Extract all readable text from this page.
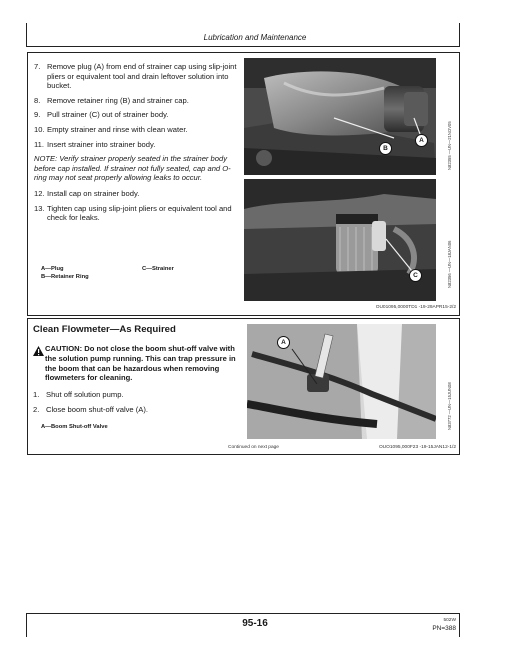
Lubrication and Maintenance
7. Remove plug (A) from end of strainer cap using slip-joint pliers or equivalent tool and drain leftover solution into bucket.
8. Remove retainer ring (B) and strainer cap.
9. Pull strainer (C) out of strainer body.
10. Empty strainer and rinse with clean water.
11. Insert strainer into strainer body.
NOTE: Verify strainer properly seated in the strainer body before cap installed. If strainer not fully seated, cap and O-ring may not seat properly allowing leaks to occur.
12. Install cap on strainer body.
13. Tighten cap using slip-joint pliers or equivalent tool and check for leaks.
A—Plug
B—Retainer Ring
C—Strainer
B
A	N82355 —UN—21NOV05
C	N82356 —UN—18JAN06
OU01095,0000TD1 -19-29APR15-2/2
Clean Flowmeter—As Required
CAUTION: Do not close the boom shut-off valve with the solution pump running. This can trap pressure in the boom that can be hazardous when removing flowmeters for cleaning.
1. Shut off solution pump.
2. Close boom shut-off valve (A).
A—Boom Shut-off Valve
A
N83772 —UN—15JUN08
Continued on next page	OUO1095,000F23 -19-15JAN12-1/2
95-16	502W
PN=388
